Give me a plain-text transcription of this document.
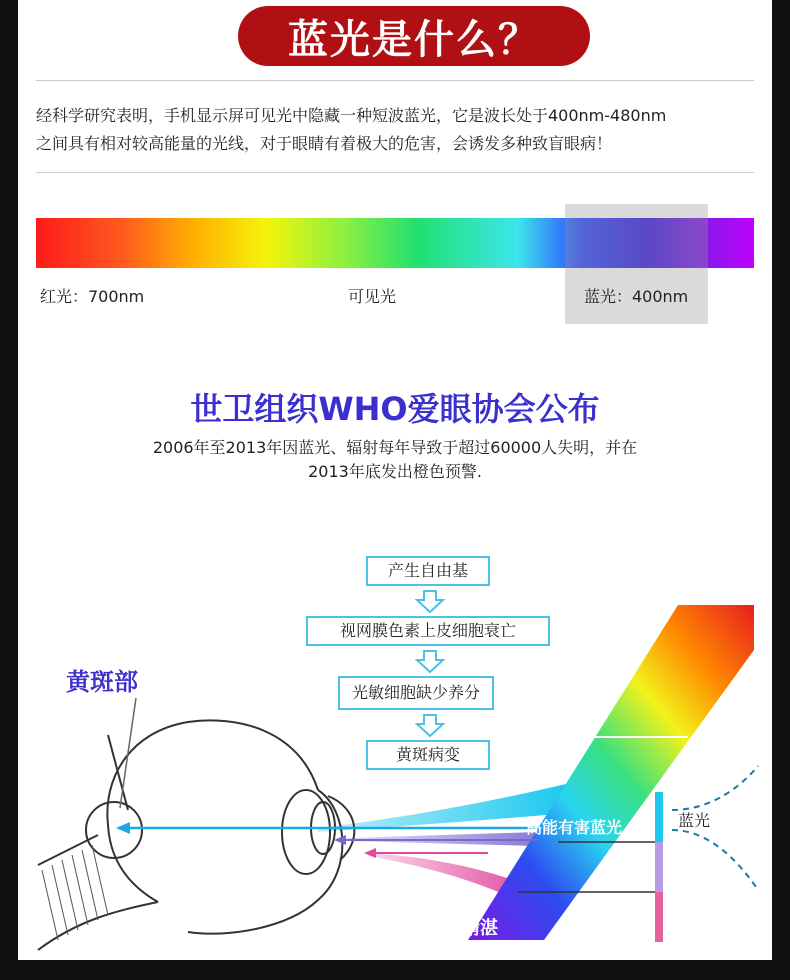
蓝光是什么？
经科学研究表明，手机显示屏可见光中隐藏一种短波蓝光，它是波长处于400nm-480nm
之间具有相对较高能量的光线，对于眼睛有着极大的危害，会诱发多种致盲眼病！
红光：700nm	可见光	蓝光：400nm
世卫组织WHO爱眼协会公布
2006年至2013年因蓝光、辐射每年导致于超过60000人失明，并在
2013年底发出橙色预警.
产生自由基
视网膜色素上皮细胞衰亡
光敏细胞缺少养分
黄斑病变
黄斑部
高能有害蓝光	蓝光
精湛
